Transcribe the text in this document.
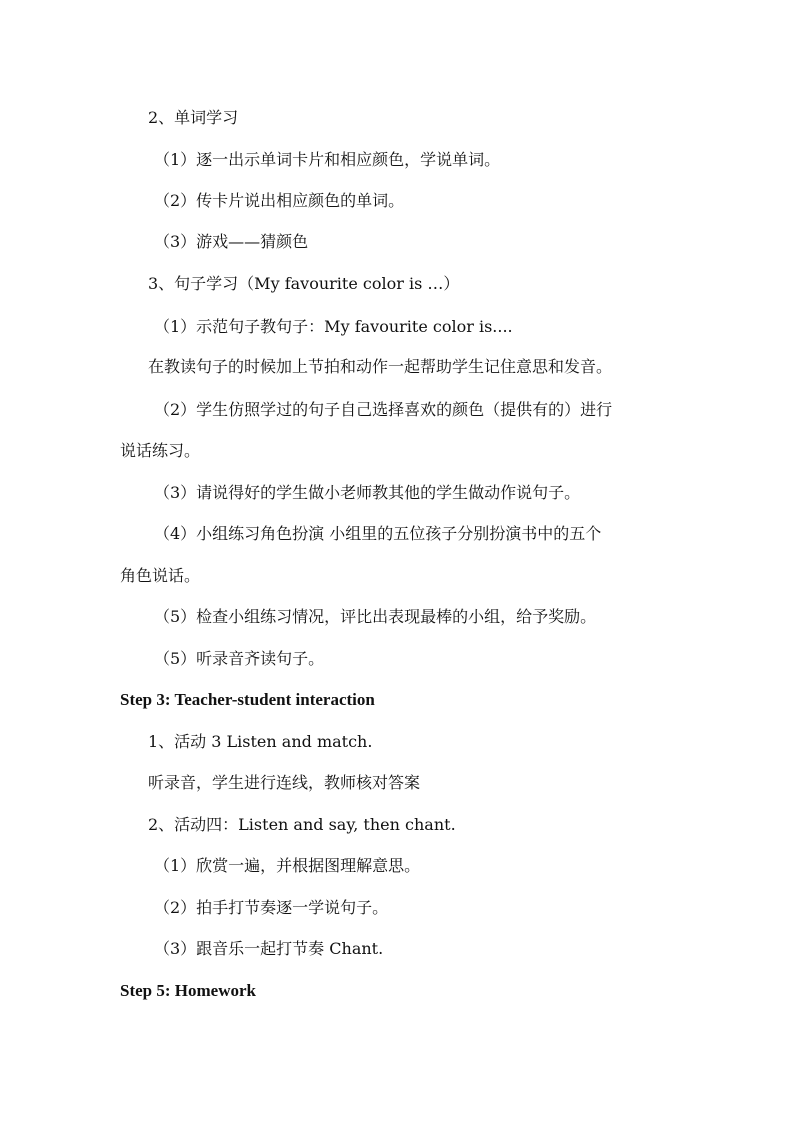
2、单词学习
（1）逐一出示单词卡片和相应颜色，学说单词。
（2）传卡片说出相应颜色的单词。
（3）游戏——猜颜色
3、句子学习（My favourite color is …）
（1）示范句子教句子：My favourite color is....
在教读句子的时候加上节拍和动作一起帮助学生记住意思和发音。
（2）学生仿照学过的句子自己选择喜欢的颜色（提供有的）进行
说话练习。
（3）请说得好的学生做小老师教其他的学生做动作说句子。
（4）小组练习角色扮演 小组里的五位孩子分别扮演书中的五个
角色说话。
（5）检查小组练习情况，评比出表现最棒的小组，给予奖励。
（5）听录音齐读句子。
Step 3: Teacher-student interaction
1、活动 3 Listen and match.
听录音，学生进行连线，教师核对答案
2、活动四：Listen and say, then chant.
（1）欣赏一遍，并根据图理解意思。
（2）拍手打节奏逐一学说句子。
（3）跟音乐一起打节奏 Chant.
Step 5: Homework
